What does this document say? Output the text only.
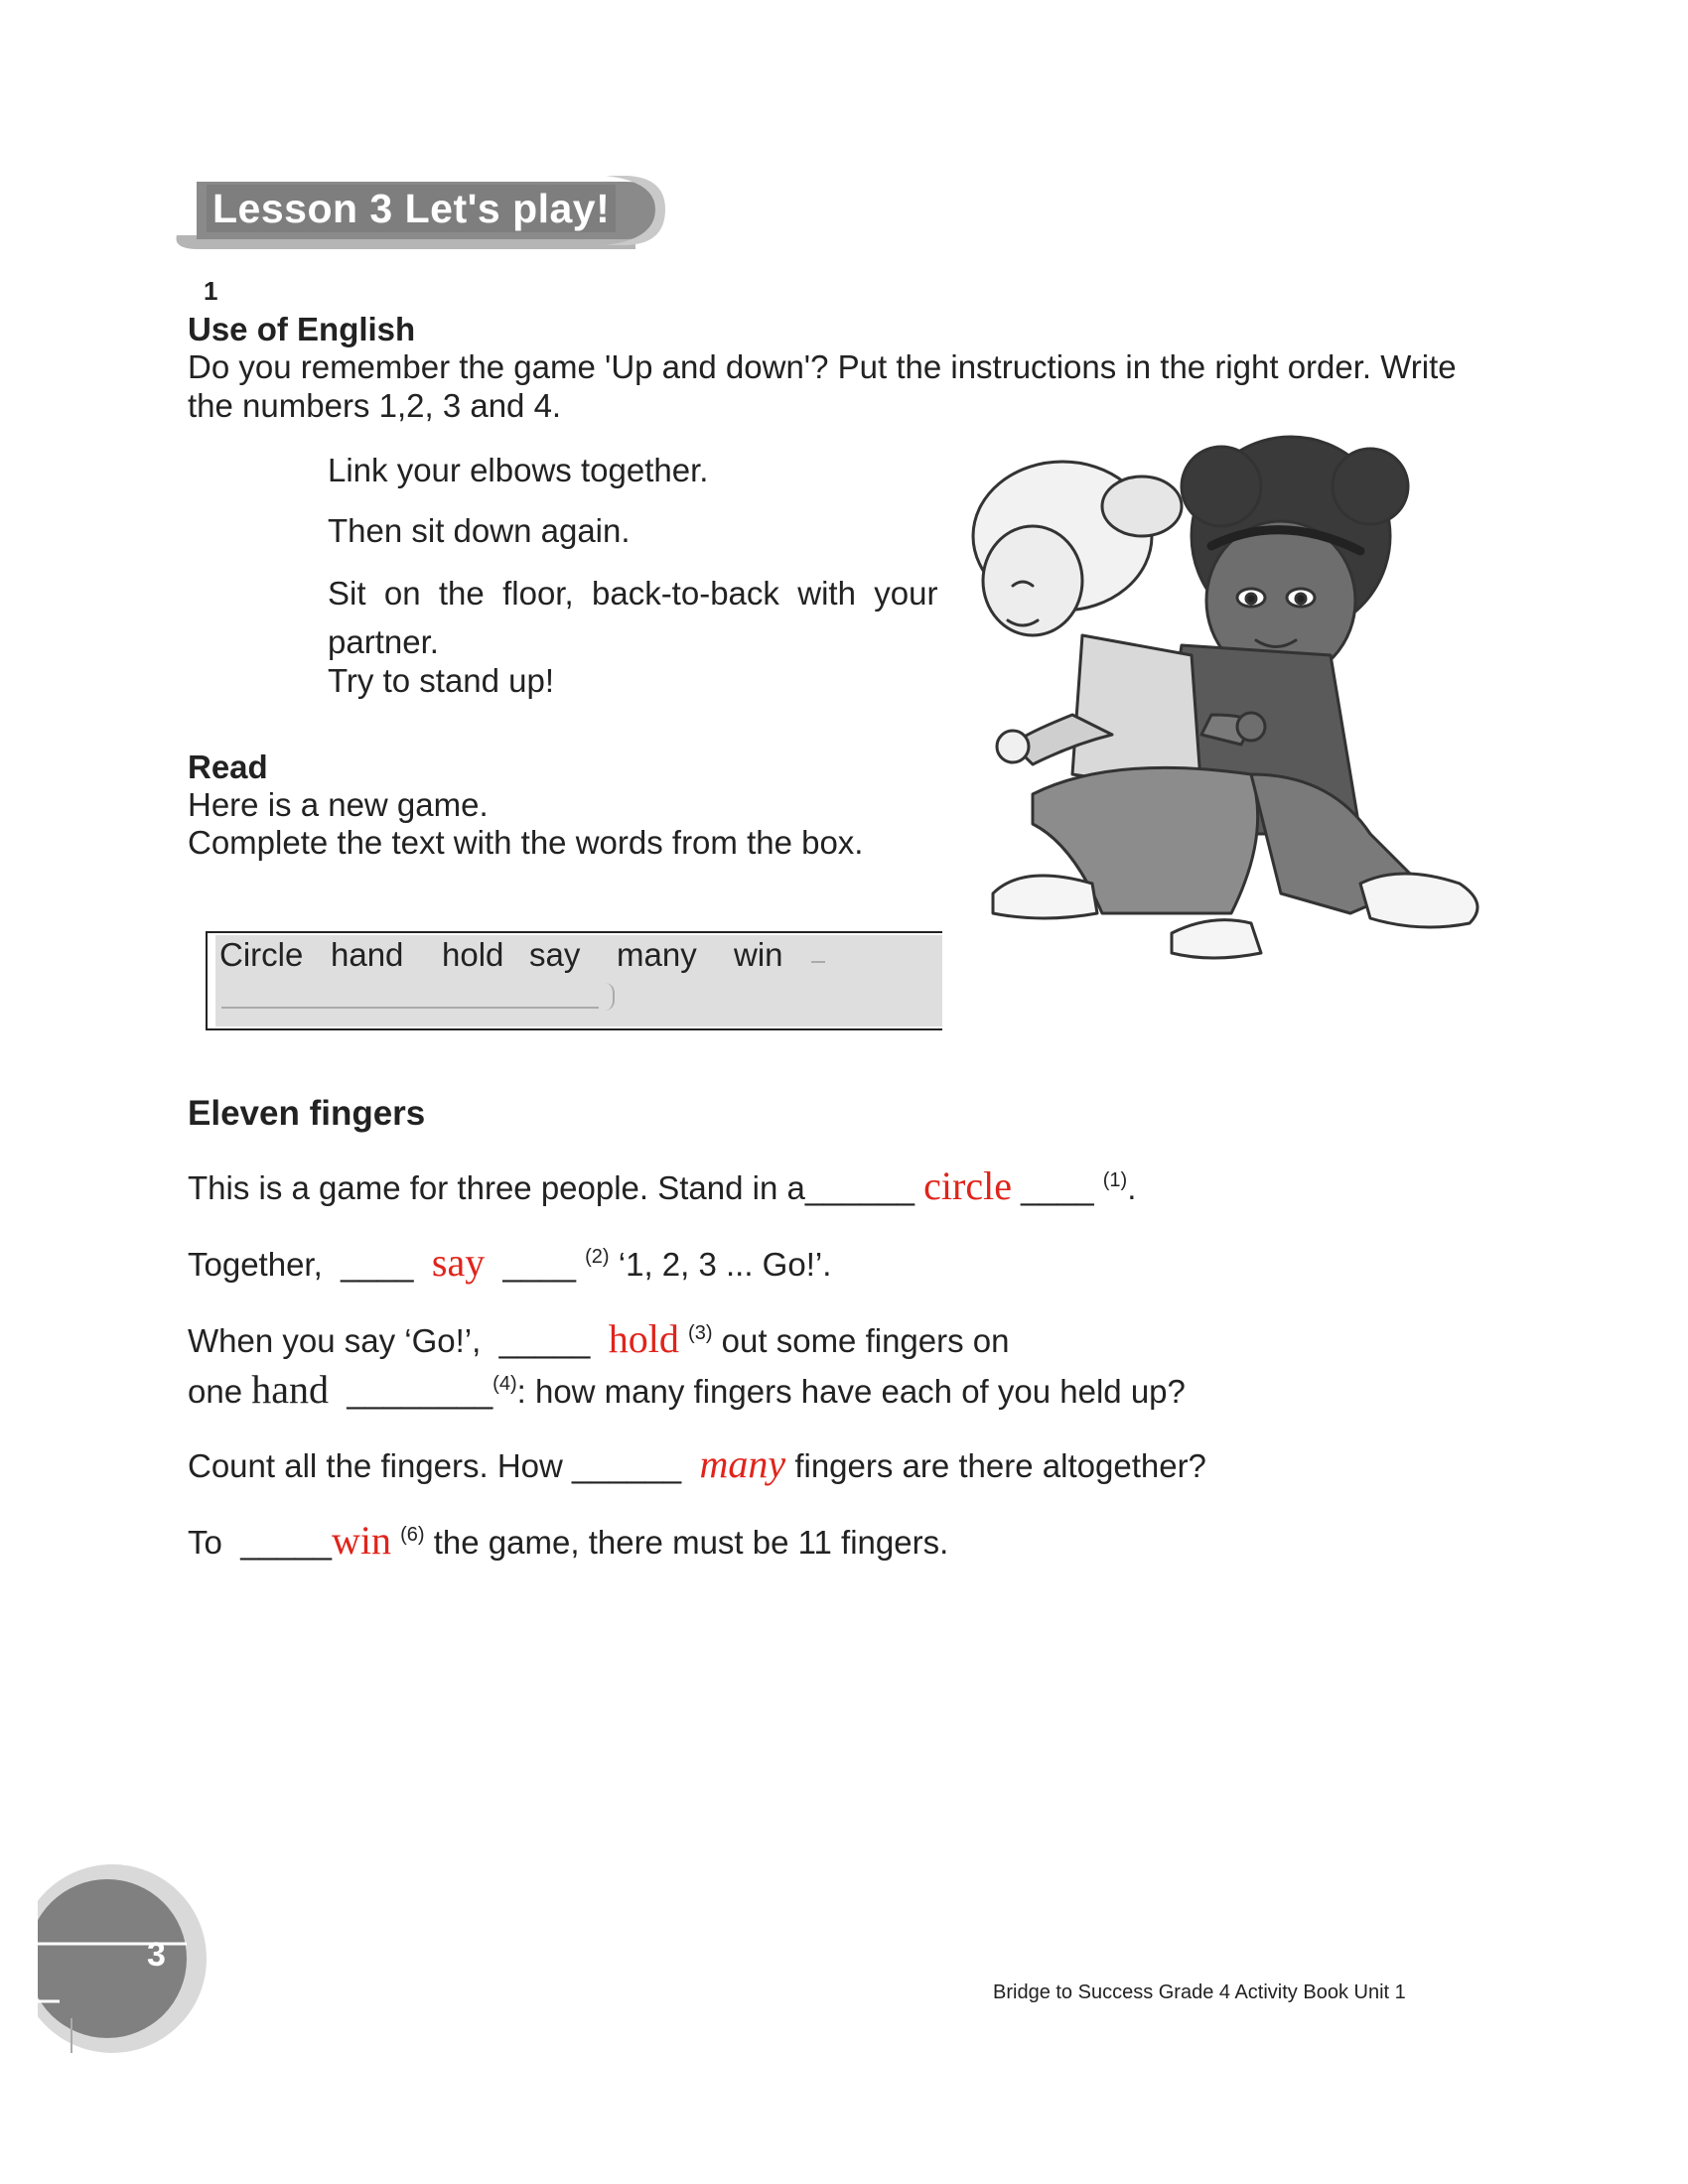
Lesson 3 Let's play!
1
Use of English
Do you remember the game 'Up and down'? Put the instructions in the right order. Write
the numbers 1,2, 3 and 4.
Link your elbows together.
Then sit down again.
Sit  on  the  floor,  back-to-back  with  your
partner.
Try to stand up!
Read
Here is a new game.
Complete the text with the words from the box.
Circle hand hold say many win
Eleven fingers
This is a game for three people. Stand in a______ circle ____ $^{(1)}$.
Together,  ____ say ____ $^{(2)}$ ‘1, 2, 3 ... Go!’.
When you say ‘Go!’,  _____ hold $^{(3)}$ out some fingers on
one hand ________$^{(4)}$: how many fingers have each of you held up?
Count all the fingers. How ______ many fingers are there altogether?
To  _____win $^{(6)}$ the game, there must be 11 fingers.
3
Bridge to Success Grade 4 Activity Book Unit 1
